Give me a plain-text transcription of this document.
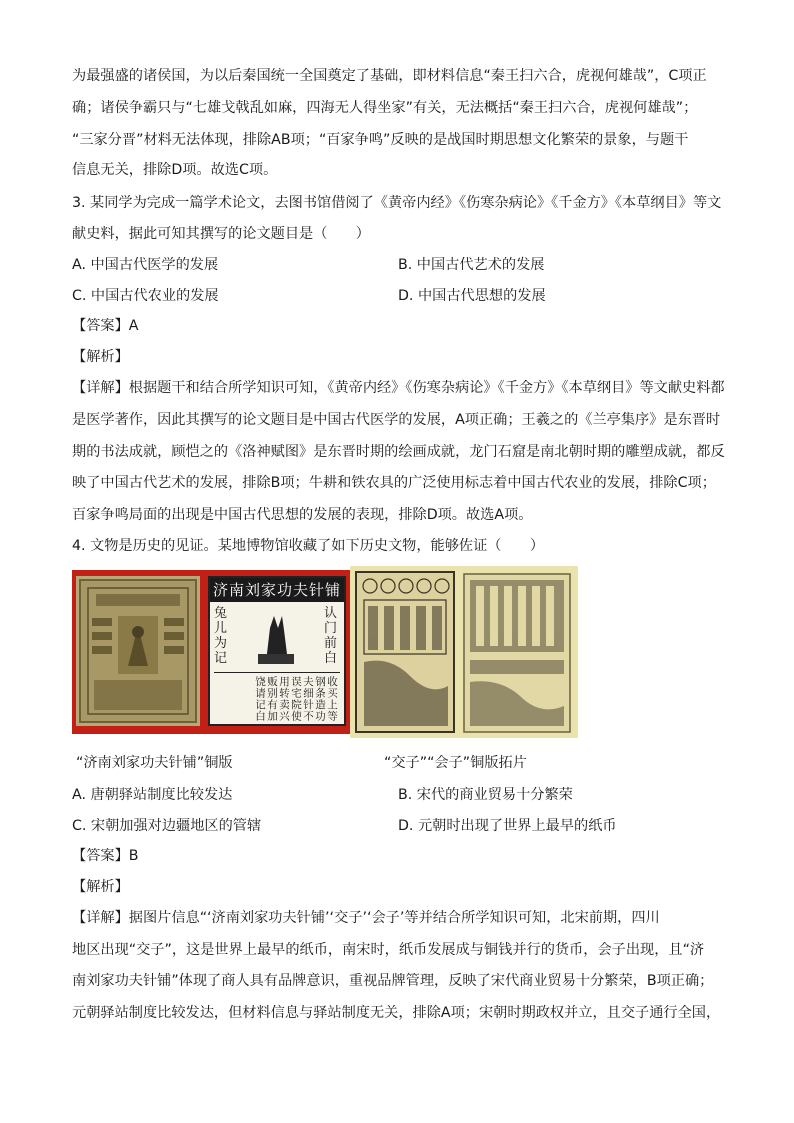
为最强盛的诸侯国，为以后秦国统一全国奠定了基础，即材料信息“秦王扫六合，虎视何雄哉”，C项正
确；诸侯争霸只与“七雄戈戟乱如麻，四海无人得坐家”有关，无法概括“秦王扫六合，虎视何雄哉”；
“三家分晋”材料无法体现，排除AB项；“百家争鸣”反映的是战国时期思想文化繁荣的景象，与题干
信息无关，排除D项。故选C项。
3. 某同学为完成一篇学术论文，去图书馆借阅了《黄帝内经》《伤寒杂病论》《千金方》《本草纲目》等文
献史料，据此可知其撰写的论文题目是（　　）
A. 中国古代医学的发展	B. 中国古代艺术的发展
C. 中国古代农业的发展	D. 中国古代思想的发展
【答案】A
【解析】
【详解】根据题干和结合所学知识可知，《黄帝内经》《伤寒杂病论》《千金方》《本草纲目》等文献史料都
是医学著作，因此其撰写的论文题目是中国古代医学的发展，A项正确；王羲之的《兰亭集序》是东晋时
期的书法成就，顾恺之的《洛神赋图》是东晋时期的绘画成就，龙门石窟是南北朝时期的雕塑成就，都反
映了中国古代艺术的发展，排除B项；牛耕和铁农具的广泛使用标志着中国古代农业的发展，排除C项；
百家争鸣局面的出现是中国古代思想的发展的表现，排除D项。故选A项。
4. 文物是历史的见证。某地博物馆收藏了如下历史文物，能够佐证（　　）
济南刘家功夫针铺
兔儿为记
认门前白
收买上等钢条造功夫细针不误宅院使用转卖兴贩别有加饶请记白
“济南刘家功夫针铺”铜版	“交子”“会子”铜版拓片
A. 唐朝驿站制度比较发达	B. 宋代的商业贸易十分繁荣
C. 宋朝加强对边疆地区的管辖	D. 元朝时出现了世界上最早的纸币
【答案】B
【解析】
【详解】据图片信息“‘济南刘家功夫针铺’‘交子’‘会子’等并结合所学知识可知，北宋前期，四川
地区出现“交子”，这是世界上最早的纸币，南宋时，纸币发展成与铜钱并行的货币，会子出现，且“济
南刘家功夫针铺”体现了商人具有品牌意识，重视品牌管理，反映了宋代商业贸易十分繁荣，B项正确；
元朝驿站制度比较发达，但材料信息与驿站制度无关，排除A项；宋朝时期政权并立，且交子通行全国，
